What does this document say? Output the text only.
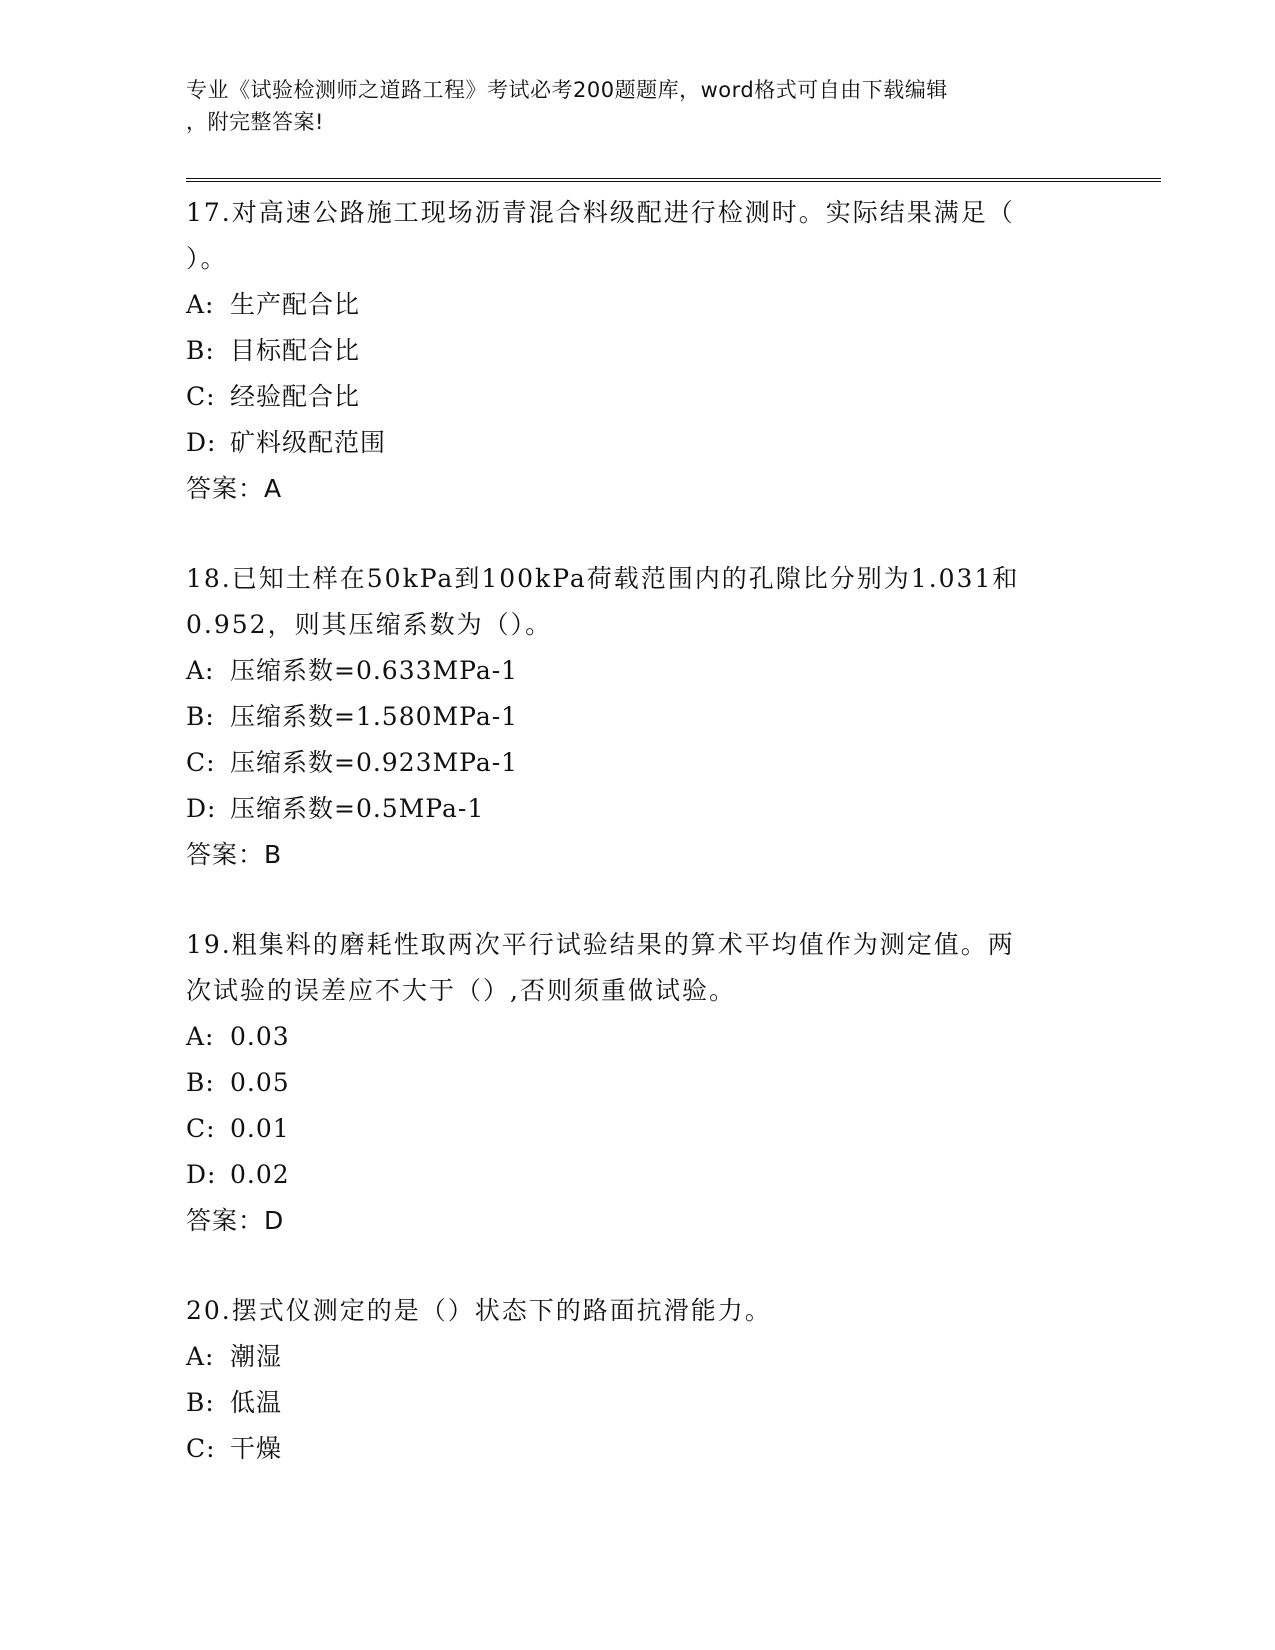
专业《试验检测师之道路工程》考试必考200题题库，word格式可自由下载编辑
，附完整答案!
17.对高速公路施工现场沥青混合料级配进行检测时。实际结果满足（
）。
A: 生产配合比
B: 目标配合比
C: 经验配合比
D: 矿料级配范围
答案：A
18.已知土样在50kPa到100kPa荷载范围内的孔隙比分别为1.031和
0.952，则其压缩系数为（）。
A: 压缩系数=0.633MPa-1
B: 压缩系数=1.580MPa-1
C: 压缩系数=0.923MPa-1
D: 压缩系数=0.5MPa-1
答案：B
19.粗集料的磨耗性取两次平行试验结果的算术平均值作为测定值。两
次试验的误差应不大于（）,否则须重做试验。
A: 0.03
B: 0.05
C: 0.01
D: 0.02
答案：D
20.摆式仪测定的是（）状态下的路面抗滑能力。
A: 潮湿
B: 低温
C: 干燥
